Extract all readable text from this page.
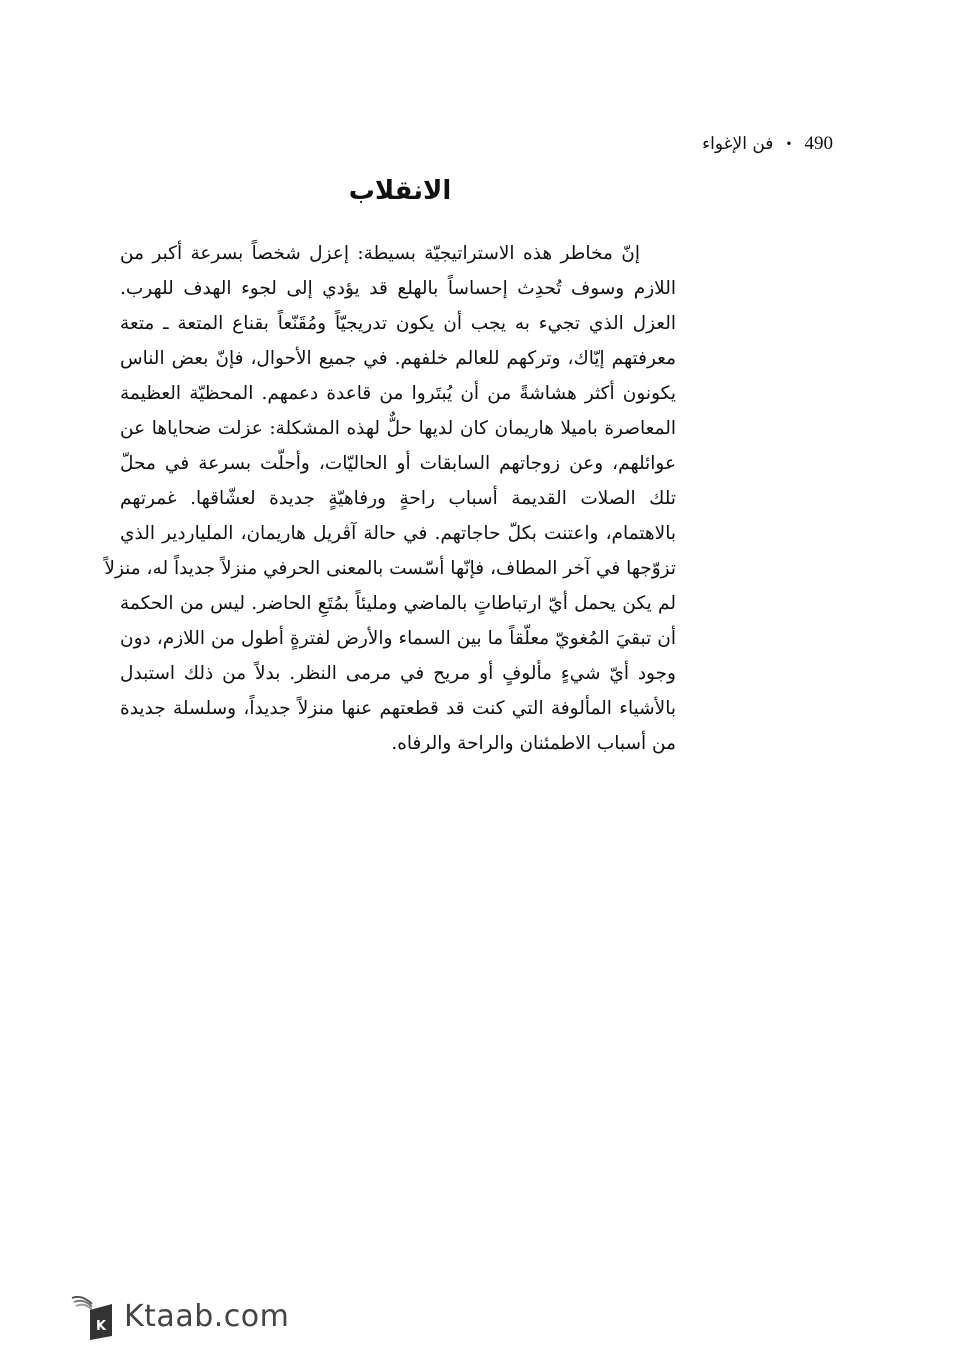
490
•
فن الإغواء
الانقلاب
إنّ مخاطر هذه الاستراتيجيّة بسيطة: إعزل شخصاً بسرعة أكبر من
اللازم وسوف تُحدِث إحساساً بالهلع قد يؤدي إلى لجوء الهدف للهرب.
العزل الذي تجيء به يجب أن يكون تدريجيّاً ومُقَنّعاً بقناع المتعة ـ متعة
معرفتهم إيّاك، وتركهم للعالم خلفهم. في جميع الأحوال، فإنّ بعض الناس
يكونون أكثر هشاشةً من أن يُبتَروا من قاعدة دعمهم. المحظيّة العظيمة
المعاصرة باميلا هاريمان كان لديها حلٌّ لهذه المشكلة: عزلت ضحاياها عن
عوائلهم، وعن زوجاتهم السابقات أو الحاليّات، وأحلّت بسرعة في محلّ
تلك الصلات القديمة أسباب راحةٍ ورفاهيّةٍ جديدة لعشّاقها. غمرتهم
بالاهتمام، واعتنت بكلّ حاجاتهم. في حالة آڤريل هاريمان، الملياردير الذي
تزوّجها في آخر المطاف، فإنّها أسّست بالمعنى الحرفي منزلاً جديداً له، منزلاً
لم يكن يحمل أيّ ارتباطاتٍ بالماضي ومليئاً بمُتَعِ الحاضر. ليس من الحكمة
أن تبقيَ المُغويّ معلّقاً ما بين السماء والأرض لفترةٍ أطول من اللازم، دون
وجود أيّ شيءٍ مألوفٍ أو مريح في مرمى النظر. بدلاً من ذلك استبدل
بالأشياء المألوفة التي كنت قد قطعتهم عنها منزلاً جديداً، وسلسلة جديدة
من أسباب الاطمئنان والراحة والرفاه.
K Ktaab.com
